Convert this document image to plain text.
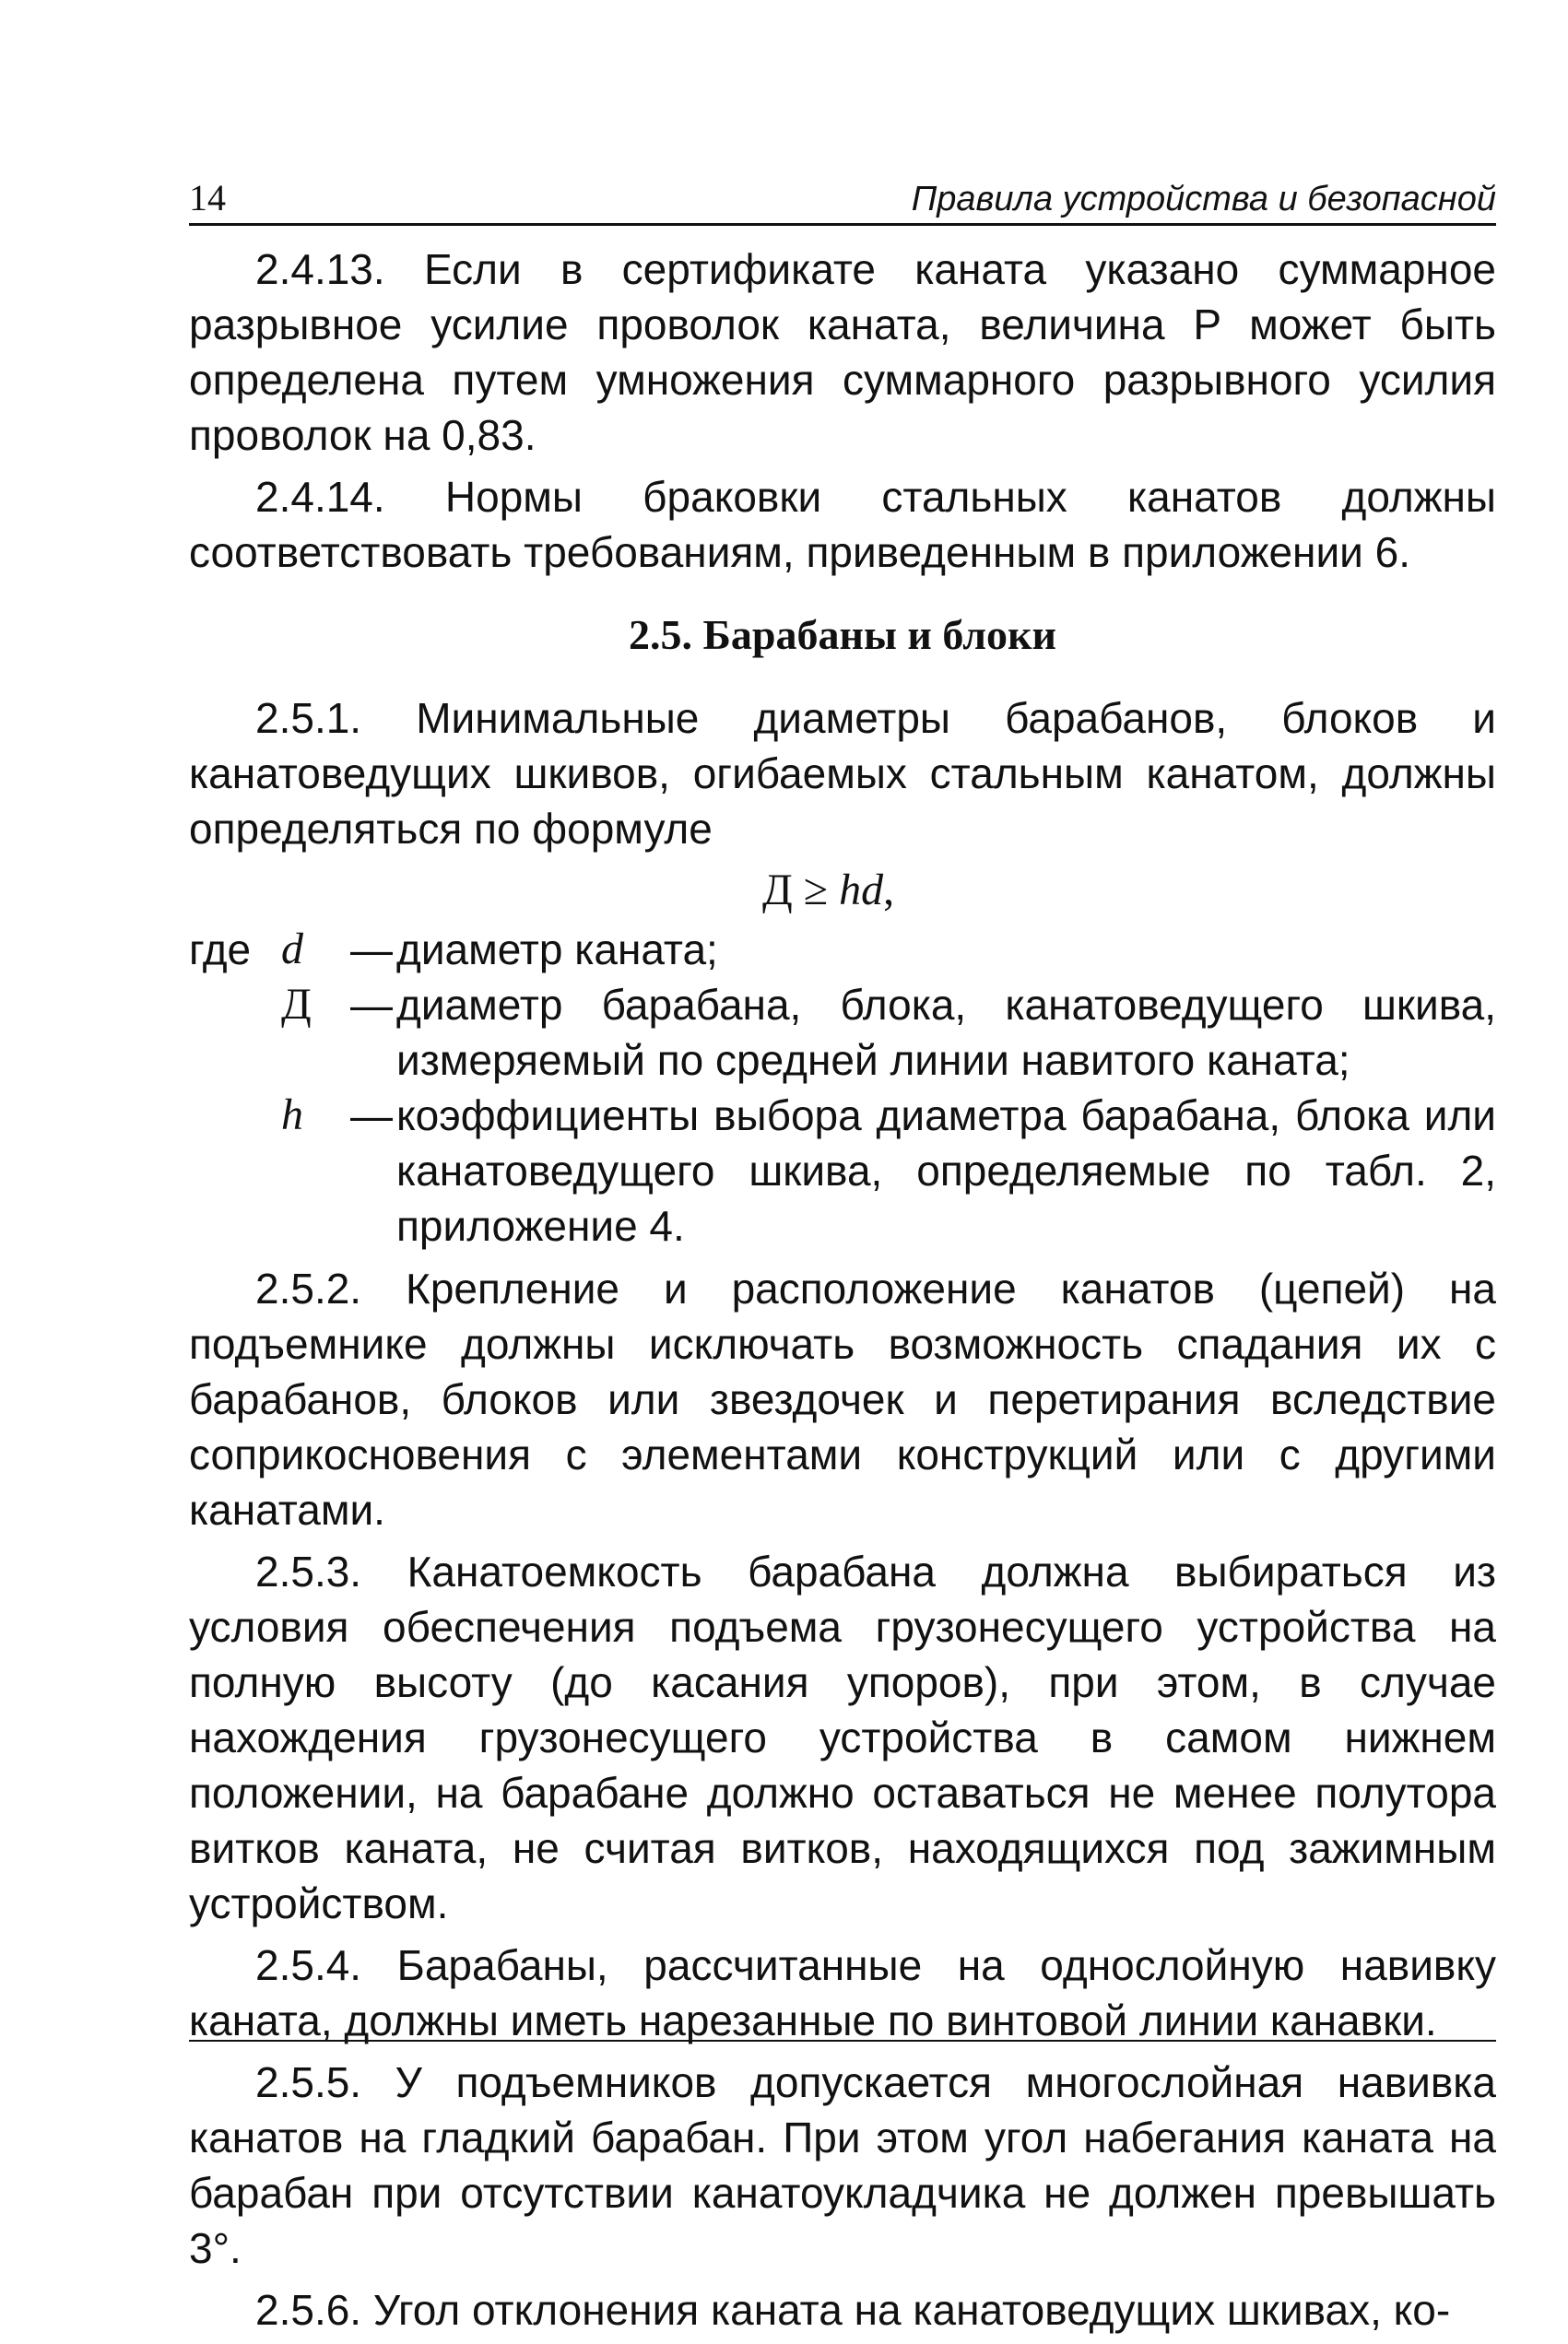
14	Правила устройства и безопасной

2.4.13. Если в сертификате каната указано суммарное разрывное усилие проволок каната, величина P может быть определена путем умножения суммарного разрывного усилия проволок на 0,83.

2.4.14. Нормы браковки стальных канатов должны соответствовать требованиям, приведенным в приложении 6.

2.5. Барабаны и блоки

2.5.1. Минимальные диаметры барабанов, блоков и канатоведущих шкивов, огибаемых стальным канатом, должны определяться по формуле

Д ≥ hd,
где d	— диаметр каната;
Д — диаметр барабана, блока, канатоведущего шкива, измеряемый по средней линии навитого каната;
h	— коэффициенты выбора диаметра барабана, блока или канатоведущего шкива, определяемые по табл. 2, приложение 4.

2.5.2. Крепление и расположение канатов (цепей) на подъемнике должны исключать возможность спадания их с барабанов, блоков или звездочек и перетирания вследствие соприкосновения с элементами конструкций или с другими канатами.

2.5.3. Канатоемкость барабана должна выбираться из условия обеспечения подъема грузонесущего устройства на полную высоту (до касания упоров), при этом, в случае нахождения грузонесущего устройства в самом нижнем положении, на барабане должно оставаться не менее полутора витков каната, не считая витков, находящихся под зажимным устройством.

2.5.4. Барабаны, рассчитанные на однослойную навивку каната, должны иметь нарезанные по винтовой линии канавки.

2.5.5. У подъемников допускается многослойная навивка канатов на гладкий барабан. При этом угол набегания каната на барабан при отсутствии канатоукладчика не должен превышать 3°.

2.5.6. Угол отклонения каната на канатоведущих шкивах, ко-
